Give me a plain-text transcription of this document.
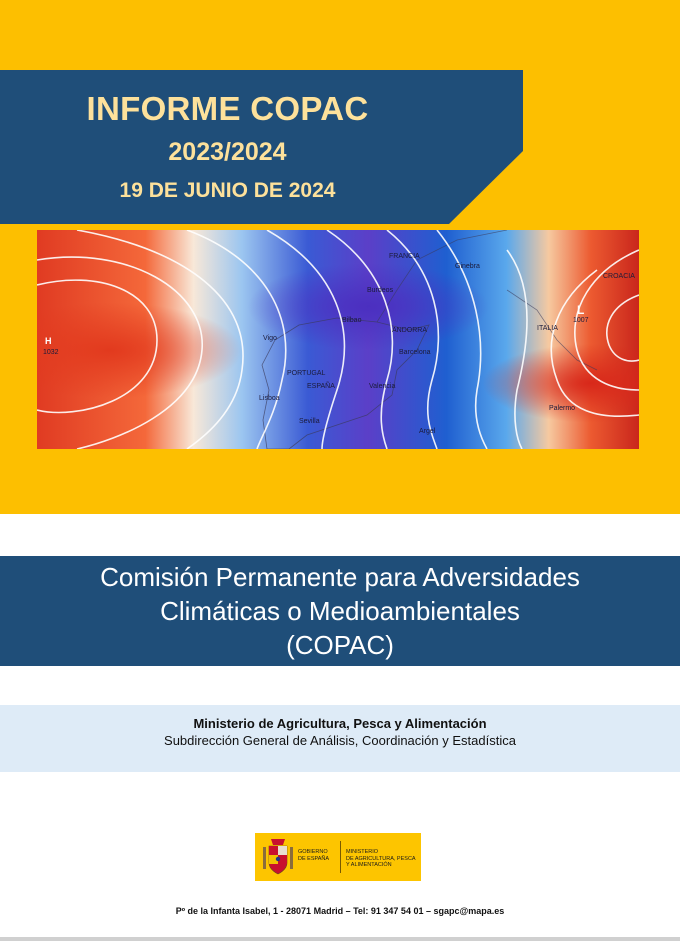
INFORME COPAC
2023/2024
19 DE JUNIO DE 2024
H
1032
L
1007
FRANCIA
ITALIA
CROACIA
PORTUGAL
ESPAÑA
Burdeos
Bilbao
Barcelona
Valencia
Vigo
Sevilla
Argel
Palermo
Ginebra
ANDORRA
Lisboa
Comisión Permanente para Adversidades
Climáticas o Medioambientales
(COPAC)
Ministerio de Agricultura, Pesca y Alimentación
Subdirección General de Análisis, Coordinación y Estadística
GOBIERNO
DE ESPAÑA
MINISTERIO
DE AGRICULTURA, PESCA
Y ALIMENTACIÓN
Pº de la Infanta Isabel, 1 - 28071 Madrid – Tel: 91 347 54 01 – sgapc@mapa.es
